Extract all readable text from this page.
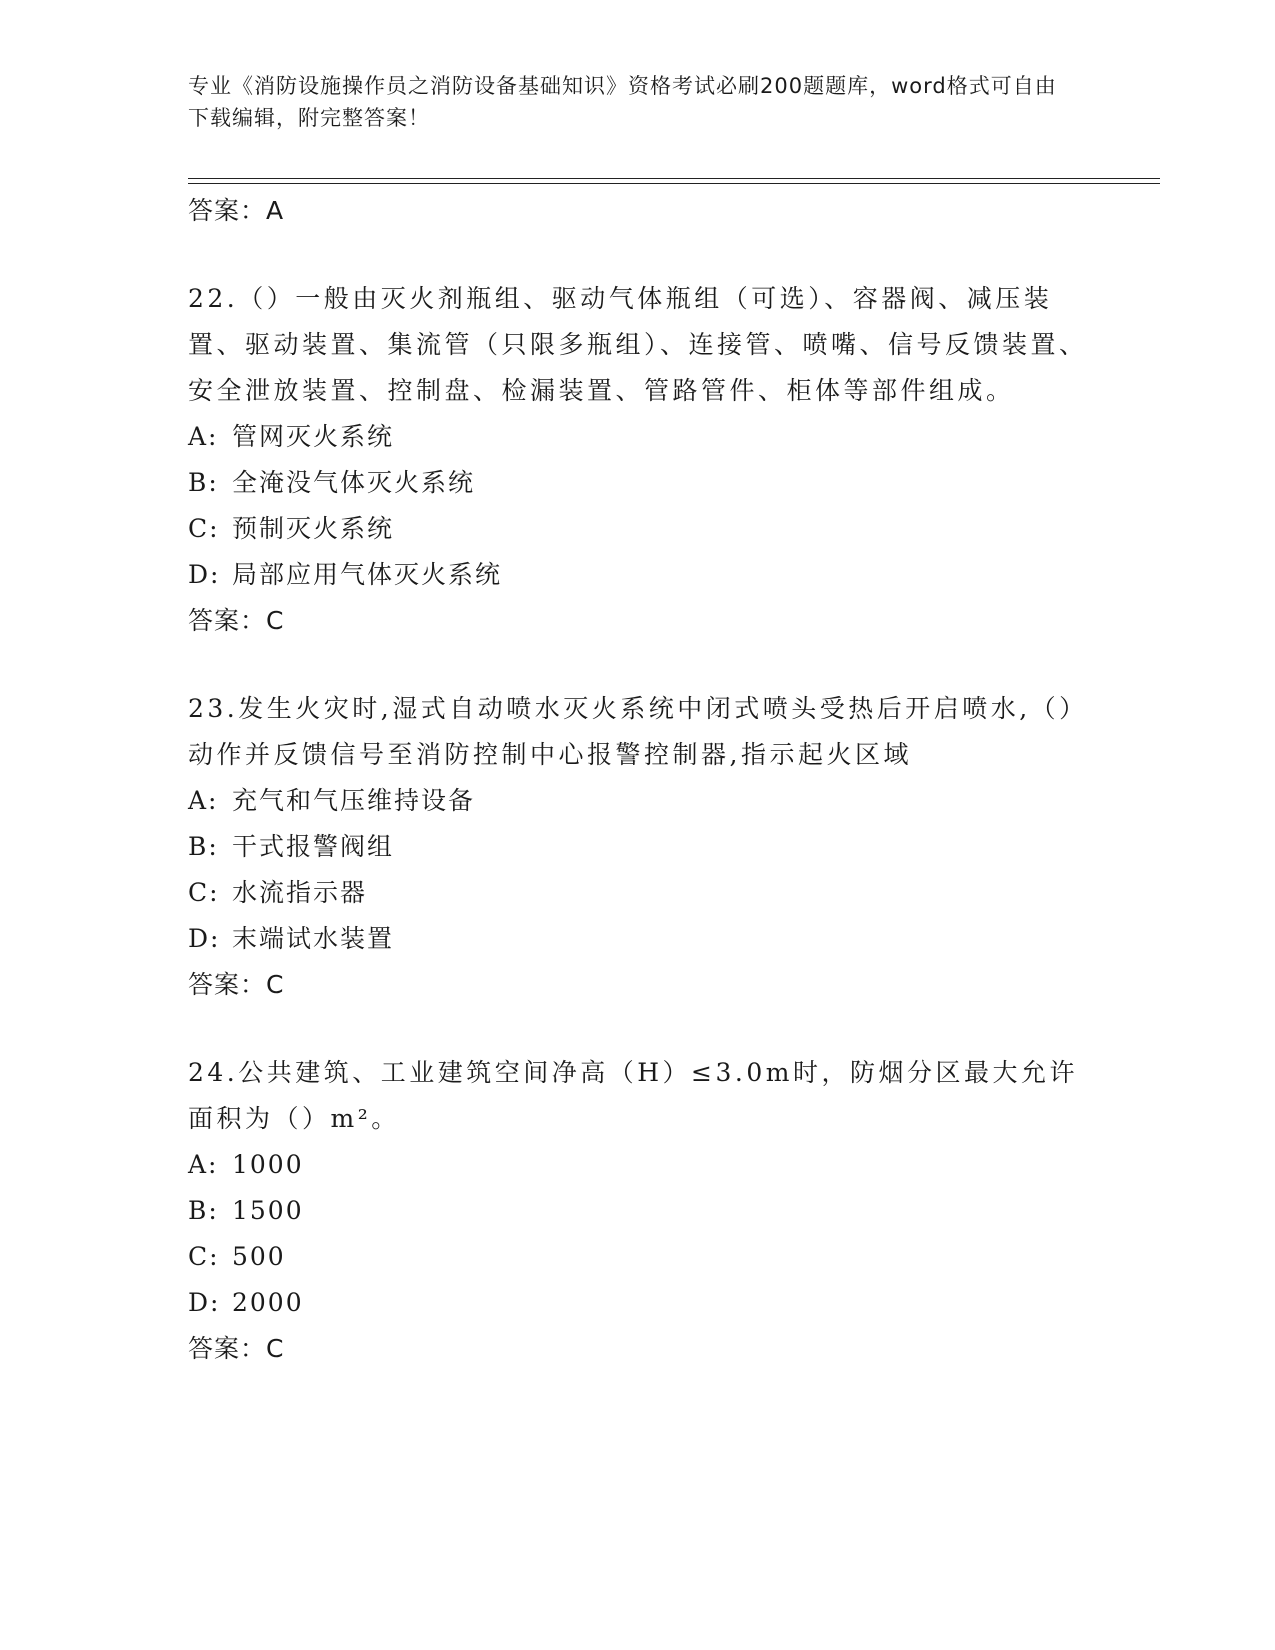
专业《消防设施操作员之消防设备基础知识》资格考试必刷200题题库，word格式可自由下载编辑，附完整答案！
答案：A
22.（）一般由灭火剂瓶组、驱动气体瓶组（可选）、容器阀、减压装置、驱动装置、集流管（只限多瓶组）、连接管、喷嘴、信号反馈装置、安全泄放装置、控制盘、检漏装置、管路管件、柜体等部件组成。
A: 管网灭火系统
B: 全淹没气体灭火系统
C: 预制灭火系统
D: 局部应用气体灭火系统
答案：C
23.发生火灾时,湿式自动喷水灭火系统中闭式喷头受热后开启喷水,（）动作并反馈信号至消防控制中心报警控制器,指示起火区域
A: 充气和气压维持设备
B: 干式报警阀组
C: 水流指示器
D: 末端试水装置
答案：C
24.公共建筑、工业建筑空间净高（H）≤3.0m时，防烟分区最大允许面积为（）m²。
A: 1000
B: 1500
C: 500
D: 2000
答案：C
